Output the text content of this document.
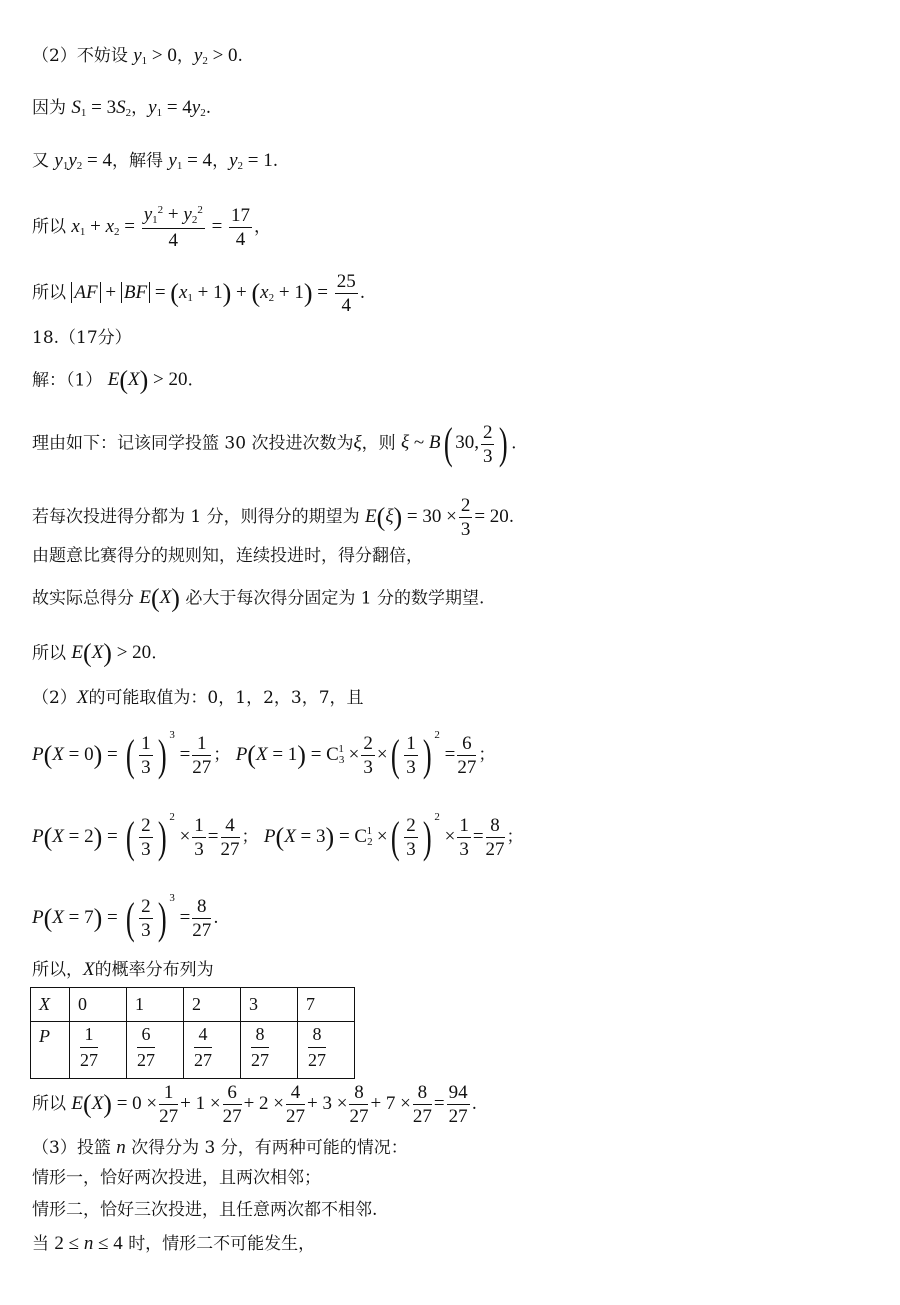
（2）不妨设 $y_1 > 0$，$y_2 > 0$.
因为 $S_1 = 3S_2$，$y_1 = 4y_2$.
又 $y_1y_2 = 4$，解得 $y_1 = 4$，$y_2 = 1$.
所以 $x_1 + x_2 = \frac{y_1^2 + y_2^2}{4} = \frac{17}{4}$ ，
所以 AF + BF = $(x_1 + 1) + (x_2 + 1) = \frac{25}{4}$ .
18.（17分）
解：（1） E(X) > 20.
理由如下：记该同学投篮 30 次投进次数为ξ，则 ξ ~ B( 30, $\frac{2}{3}$ ) .
若每次投进得分都为 1 分，则得分的期望为 $E(\xi) = 30 \times \frac{2}{3} = 20$.
由题意比赛得分的规则知，连续投进时，得分翻倍，
故实际总得分 E(X) 必大于每次得分固定为 1 分的数学期望.
所以 E(X) > 20.
（2）X的可能取值为：0，1，2，3，7，且
P(X = 0) = ( $\frac{1}{3}$ ) $^3 = \frac{1}{27}$ ； $P(X = 1) = C_3^1 \times \frac{2}{3}$ ×( $\frac{1}{3}$ ) $^2 = \frac{6}{27}$ ；
P(X = 2) = ( $\frac{2}{3}$ ) $^2 \times \frac{1}{3} = \frac{4}{27}$ ； $P(X = 3) = C_2^1$ ×( $\frac{2}{3}$ ) $^2 \times \frac{1}{3} = \frac{8}{27}$ ；
P(X = 7) = ( $\frac{2}{3}$ ) $^3 = \frac{8}{27}$ .
所以，X的概率分布列为
X	0	1	2	3	7
P	$\frac{1}{27}$	$\frac{6}{27}$	$\frac{4}{27}$	$\frac{8}{27}$	$\frac{8}{27}$
所以 $E(X) = 0 \times \frac{1}{27} + 1 \times \frac{6}{27} + 2 \times \frac{4}{27} + 3 \times \frac{8}{27} + 7 \times \frac{8}{27} = \frac{94}{27}$ .
（3）投篮 n 次得分为 3 分，有两种可能的情况：
情形一，恰好两次投进，且两次相邻；
情形二，恰好三次投进，且任意两次都不相邻.
当 2 ≤ n ≤ 4 时，情形二不可能发生，
